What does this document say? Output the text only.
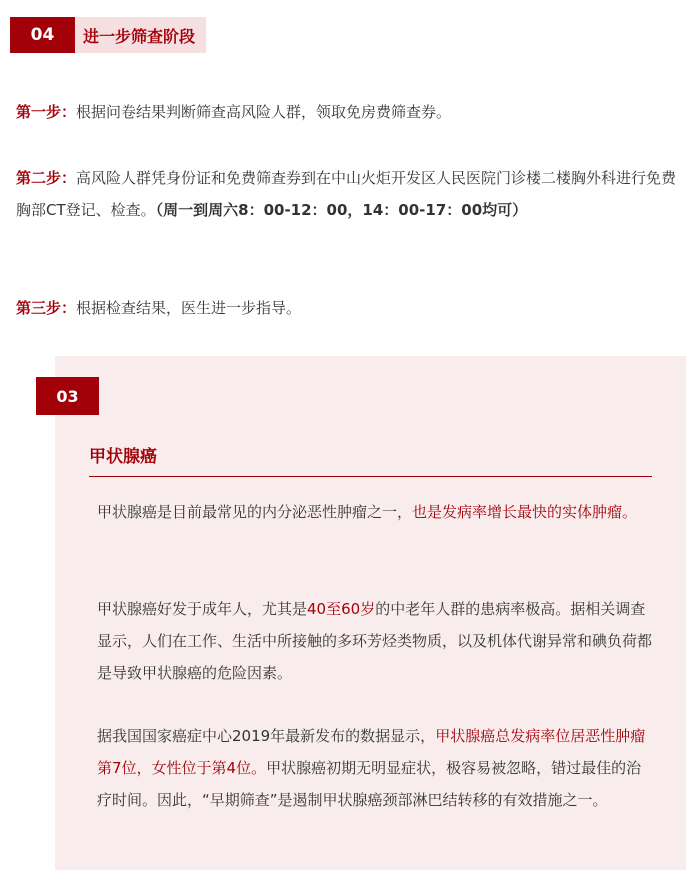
04	进一步筛查阶段

第一步：根据问卷结果判断筛查高风险人群，领取免房费筛查券。

第二步：高风险人群凭身份证和免费筛查券到在中山火炬开发区人民医院门诊楼二楼胸外科进行免费胸部CT登记、检查。（周一到周六8：00-12：00，14：00-17：00均可）

第三步：根据检查结果，医生进一步指导。

03
甲状腺癌

甲状腺癌是目前最常见的内分泌恶性肿瘤之一，也是发病率增长最快的实体肿瘤。

甲状腺癌好发于成年人，尤其是40至60岁的中老年人群的患病率极高。据相关调查显示，人们在工作、生活中所接触的多环芳烃类物质，以及机体代谢异常和碘负荷都是导致甲状腺癌的危险因素。

据我国国家癌症中心2019年最新发布的数据显示，甲状腺癌总发病率位居恶性肿瘤第7位，女性位于第4位。甲状腺癌初期无明显症状，极容易被忽略，错过最佳的治疗时间。因此，“早期筛查”是遏制甲状腺癌颈部淋巴结转移的有效措施之一。
